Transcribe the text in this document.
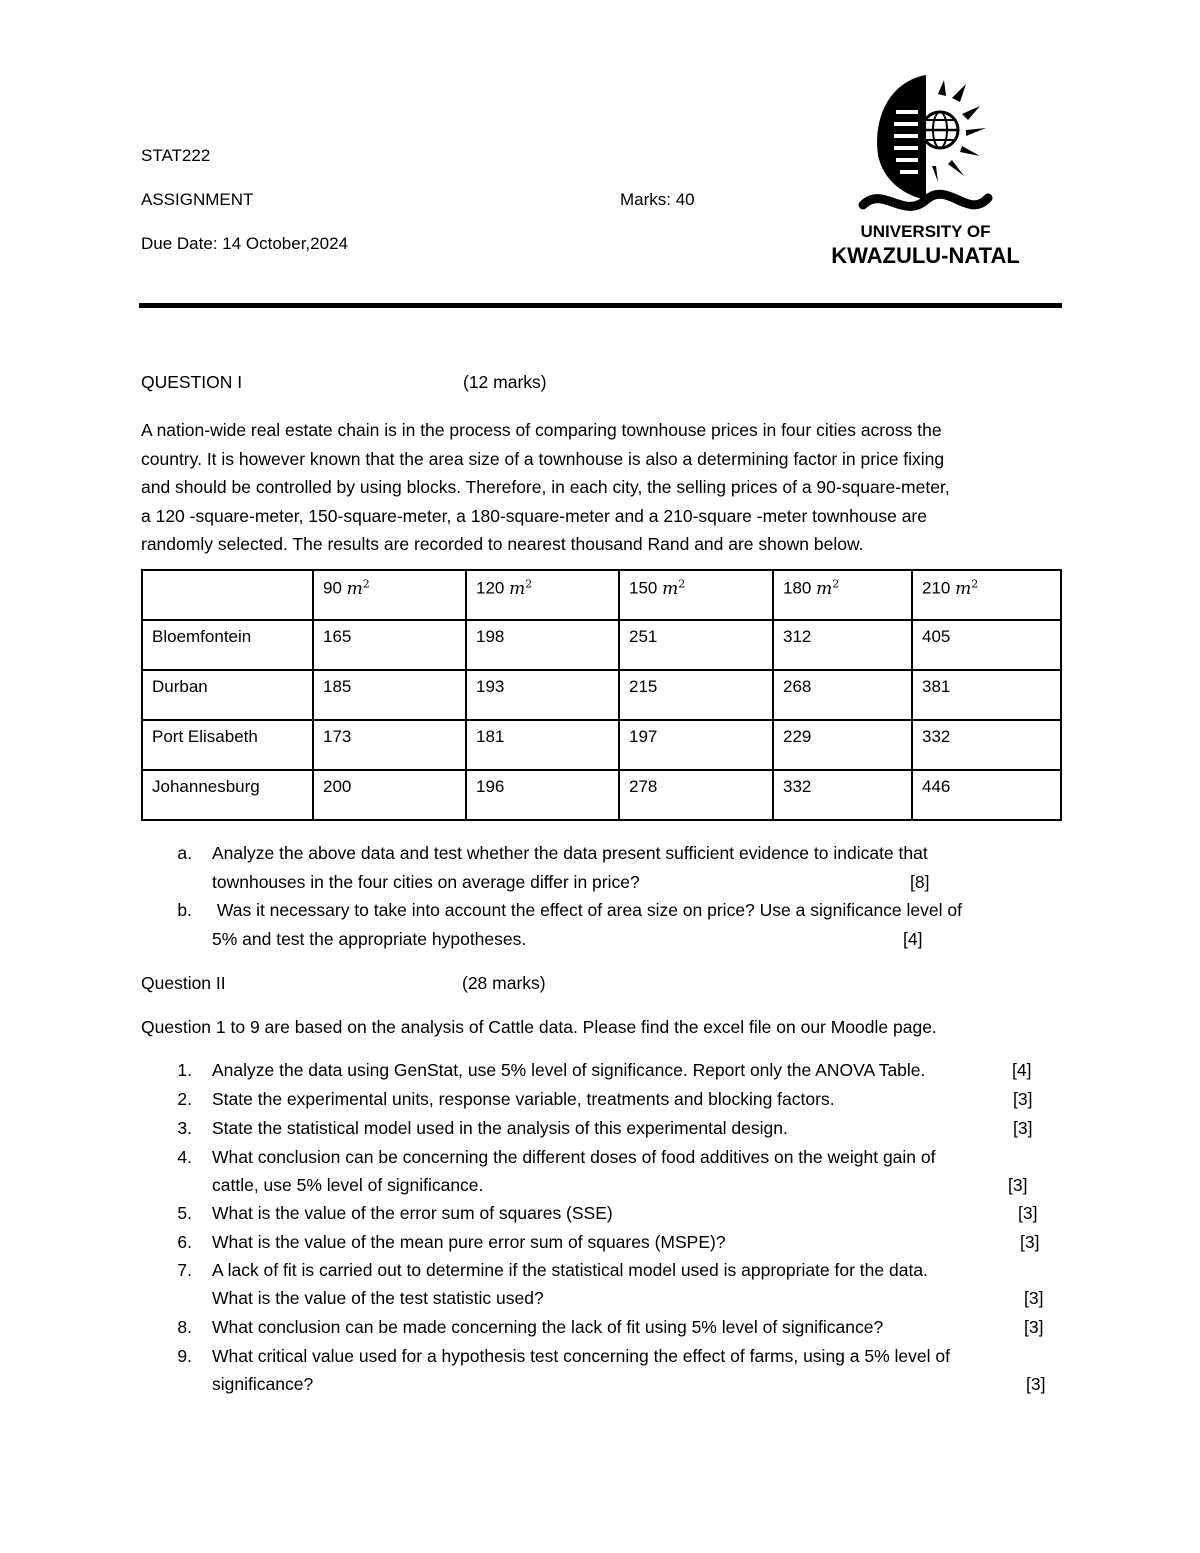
STAT222
ASSIGNMENT	Marks: 40
Due Date: 14 October,2024
UNIVERSITY OF
KWAZULU-NATAL
QUESTION I	(12 marks)
A nation-wide real estate chain is in the process of comparing townhouse prices in four cities across the
country. It is however known that the area size of a townhouse is also a determining factor in price fixing
and should be controlled by using blocks. Therefore, in each city, the selling prices of a 90-square-meter,
a 120 -square-meter, 150-square-meter, a 180-square-meter and a 210-square -meter townhouse are
randomly selected. The results are recorded to nearest thousand Rand and are shown below.
	90 $m^2$	120 $m^2$	150 $m^2$	180 $m^2$	210 $m^2$
Bloemfontein	165	198	251	312	405
Durban	185	193	215	268	381
Port Elisabeth	173	181	197	229	332
Johannesburg	200	196	278	332	446
a. Analyze the above data and test whether the data present sufficient evidence to indicate that
townhouses in the four cities on average differ in price?	[8]
b. Was it necessary to take into account the effect of area size on price? Use a significance level of
5% and test the appropriate hypotheses.	[4]
Question II	(28 marks)
Question 1 to 9 are based on the analysis of Cattle data. Please find the excel file on our Moodle page.
1. Analyze the data using GenStat, use 5% level of significance. Report only the ANOVA Table.	[4]
2. State the experimental units, response variable, treatments and blocking factors.	[3]
3. State the statistical model used in the analysis of this experimental design.	[3]
4. What conclusion can be concerning the different doses of food additives on the weight gain of
cattle, use 5% level of significance.	[3]
5. What is the value of the error sum of squares (SSE)	[3]
6. What is the value of the mean pure error sum of squares (MSPE)?	[3]
7. A lack of fit is carried out to determine if the statistical model used is appropriate for the data.
What is the value of the test statistic used?	[3]
8. What conclusion can be made concerning the lack of fit using 5% level of significance?	[3]
9. What critical value used for a hypothesis test concerning the effect of farms, using a 5% level of
significance?	[3]
